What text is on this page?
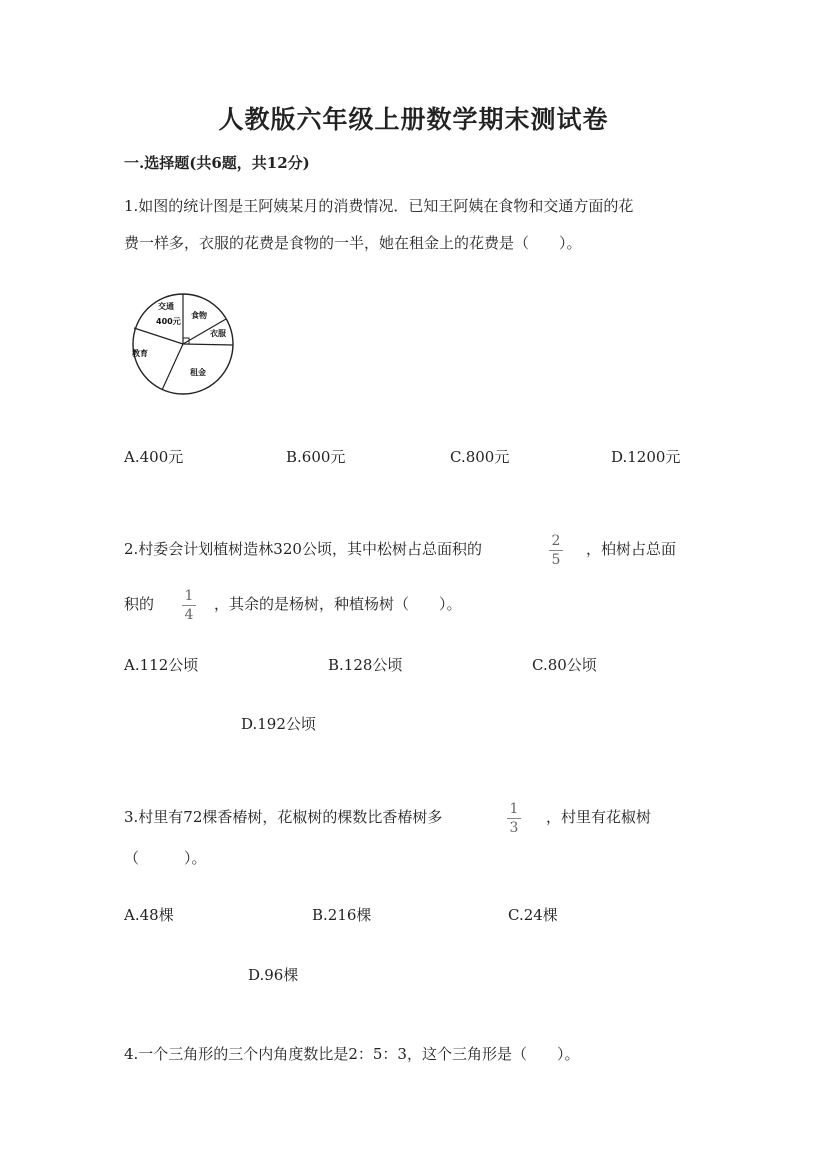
人教版六年级上册数学期末测试卷
一.选择题(共6题，共12分)
1.如图的统计图是王阿姨某月的消费情况．已知王阿姨在食物和交通方面的花
费一样多，衣服的花费是食物的一半，她在租金上的花费是（　　）。
交通
400元
食物
衣服
教育
租金
A.400元	B.600元	C.800元	D.1200元
2.村委会计划植树造林320公顷，其中松树占总面积的	2
5
，柏树占总面
积的 1
4
，其余的是杨树，种植杨树（　　）。
A.112公顷	B.128公顷	C.80公顷
D.192公顷
3.村里有72棵香椿树，花椒树的棵数比香椿树多	1
3
，村里有花椒树
（　　　）。
A.48棵	B.216棵	C.24棵
D.96棵
4.一个三角形的三个内角度数比是2：5：3，这个三角形是（　　）。
